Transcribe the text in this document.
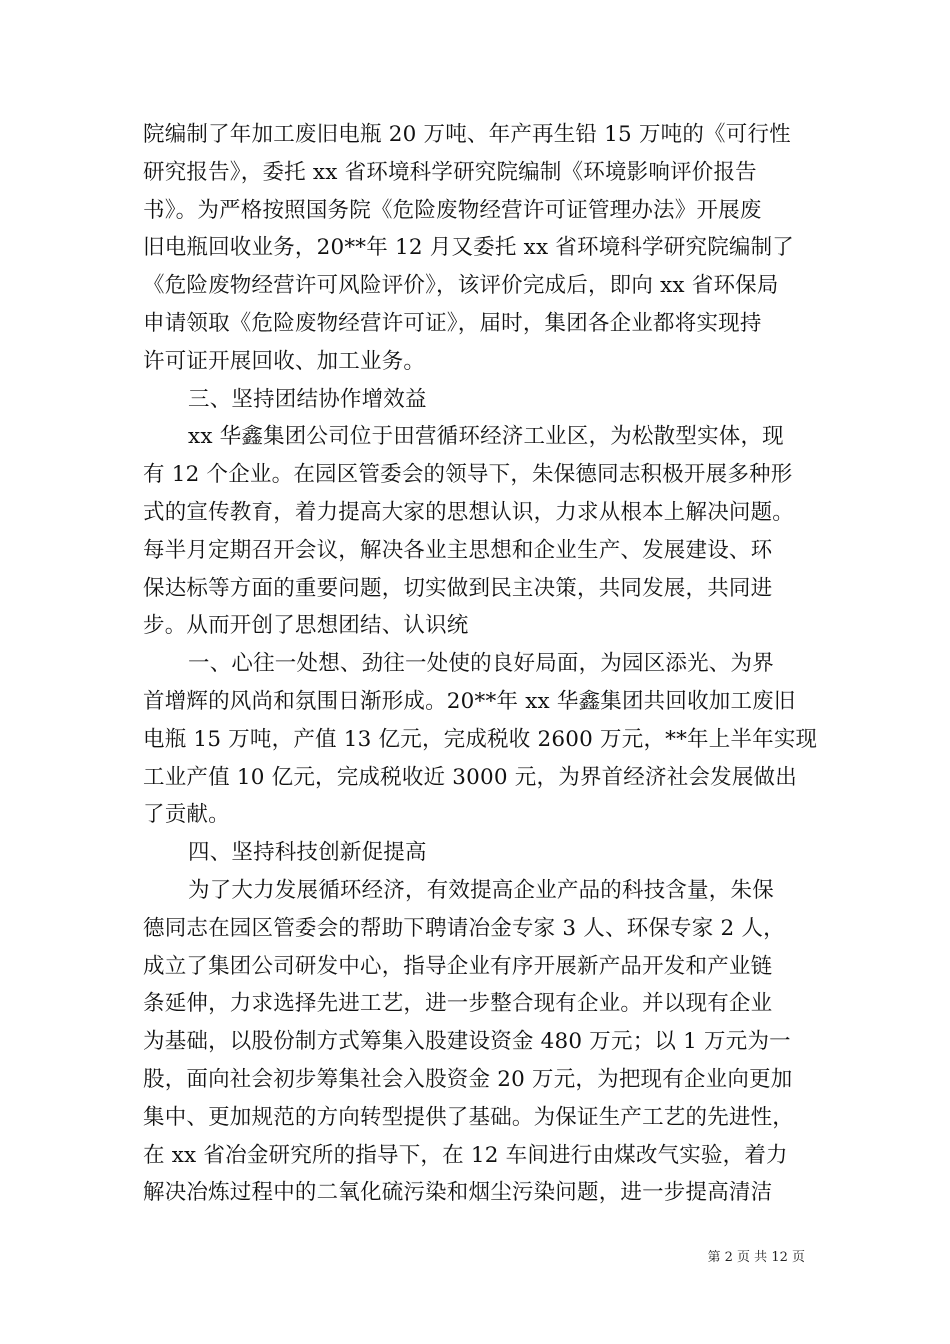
院编制了年加工废旧电瓶 20 万吨、年产再生铅 15 万吨的《可行性
研究报告》，委托 xx 省环境科学研究院编制《环境影响评价报告
书》。为严格按照国务院《危险废物经营许可证管理办法》开展废
旧电瓶回收业务，20**年 12 月又委托 xx 省环境科学研究院编制了
《危险废物经营许可风险评价》，该评价完成后，即向 xx 省环保局
申请领取《危险废物经营许可证》，届时，集团各企业都将实现持
许可证开展回收、加工业务。
三、坚持团结协作增效益
xx 华鑫集团公司位于田营循环经济工业区，为松散型实体，现
有 12 个企业。在园区管委会的领导下，朱保德同志积极开展多种形
式的宣传教育，着力提高大家的思想认识，力求从根本上解决问题。
每半月定期召开会议，解决各业主思想和企业生产、发展建设、环
保达标等方面的重要问题，切实做到民主决策，共同发展，共同进
步。从而开创了思想团结、认识统
一、心往一处想、劲往一处使的良好局面，为园区添光、为界
首增辉的风尚和氛围日渐形成。20**年 xx 华鑫集团共回收加工废旧
电瓶 15 万吨，产值 13 亿元，完成税收 2600 万元，**年上半年实现
工业产值 10 亿元，完成税收近 3000 元，为界首经济社会发展做出
了贡献。
四、坚持科技创新促提高
为了大力发展循环经济，有效提高企业产品的科技含量，朱保
德同志在园区管委会的帮助下聘请冶金专家 3 人、环保专家 2 人，
成立了集团公司研发中心，指导企业有序开展新产品开发和产业链
条延伸，力求选择先进工艺，进一步整合现有企业。并以现有企业
为基础，以股份制方式筹集入股建设资金 480 万元；以 1 万元为一
股，面向社会初步筹集社会入股资金 20 万元，为把现有企业向更加
集中、更加规范的方向转型提供了基础。为保证生产工艺的先进性，
在 xx 省冶金研究所的指导下，在 12 车间进行由煤改气实验，着力
解决冶炼过程中的二氧化硫污染和烟尘污染问题，进一步提高清洁
第 2 页 共 12 页
